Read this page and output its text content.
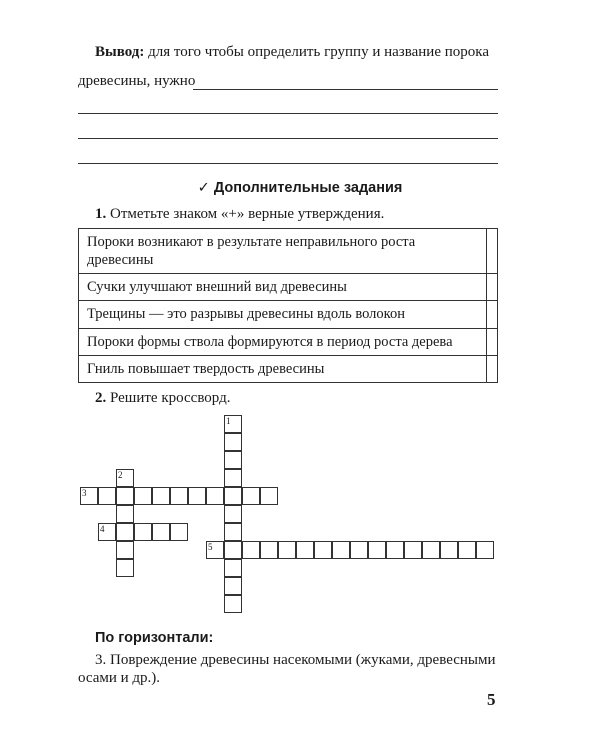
Вывод: для того чтобы определить группу и название порока
древесины, нужно
✓ Дополнительные задания
1. Отметьте знаком «+» верные утверждения.
Пороки возникают в результате неправильного роста древесины	
Сучки улучшают внешний вид древесины	
Трещины — это разрывы древесины вдоль волокон	
Пороки формы ствола формируются в период роста дерева	
Гниль повышает твердость древесины	
2. Решите кроссворд.
1
2
3
4
5
По горизонтали:
3. Повреждение древесины насекомыми (жуками, древесными
осами и др.).
5
